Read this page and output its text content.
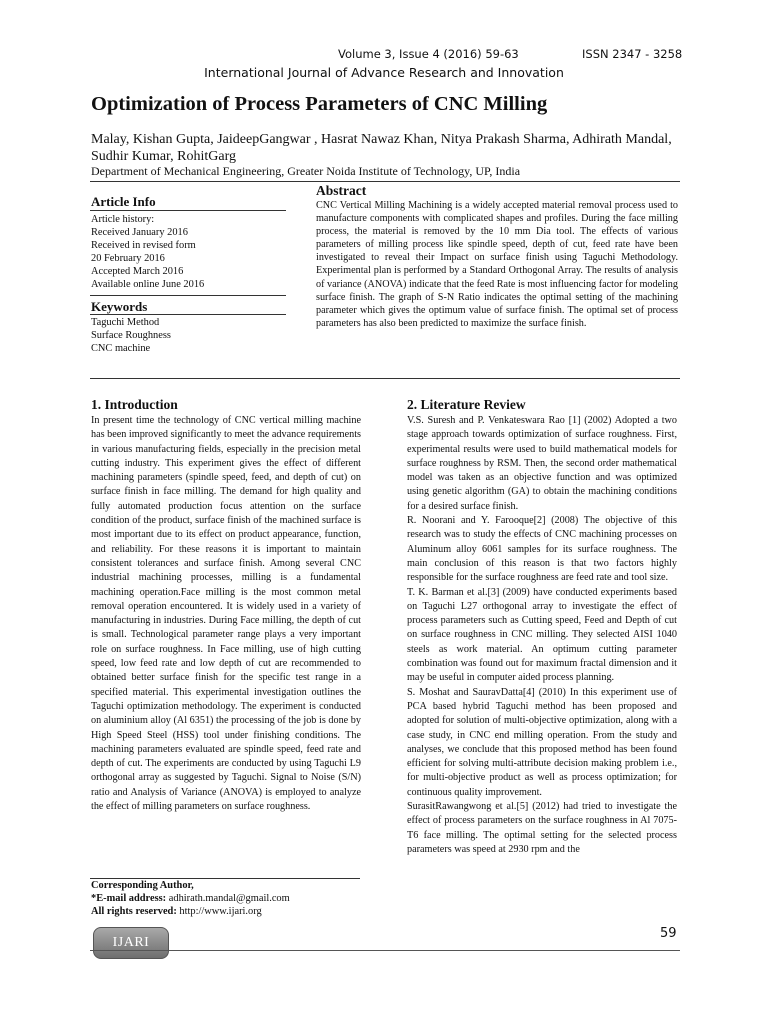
Volume 3, Issue 4 (2016) 59-63	ISSN 2347 - 3258
International Journal of Advance Research and Innovation
Optimization of Process Parameters of CNC Milling
Malay, Kishan Gupta, JaideepGangwar , Hasrat Nawaz Khan, Nitya Prakash Sharma, Adhirath Mandal, Sudhir Kumar, RohitGarg
Department of Mechanical Engineering, Greater Noida Institute of Technology, UP, India
Article Info
Article history:
Received January 2016
Received in revised form
20 February 2016
Accepted March 2016
Available online June 2016
Keywords
Taguchi Method
Surface Roughness
CNC machine
Abstract
CNC Vertical Milling Machining is a widely accepted material removal process used to manufacture components with complicated shapes and profiles. During the face milling process, the material is removed by the 10 mm Dia tool. The effects of various parameters of milling process like spindle speed, depth of cut, feed rate have been investigated to reveal their Impact on surface finish using Taguchi Methodology. Experimental plan is performed by a Standard Orthogonal Array. The results of analysis of variance (ANOVA) indicate that the feed Rate is most influencing factor for modeling surface finish. The graph of S-N Ratio indicates the optimal setting of the machining parameter which gives the optimum value of surface finish. The optimal set of process parameters has also been predicted to maximize the surface finish.
1. Introduction
In present time the technology of CNC vertical milling machine has been improved significantly to meet the advance requirements in various manufacturing fields, especially in the precision metal cutting industry. This experiment gives the effect of different machining parameters (spindle speed, feed, and depth of cut) on surface finish in face milling. The demand for high quality and fully automated production focus attention on the surface condition of the product, surface finish of the machined surface is most important due to its effect on product appearance, function, and reliability. For these reasons it is important to maintain consistent tolerances and surface finish. Among several CNC industrial machining processes, milling is a fundamental machining operation.Face milling is the most common metal removal operation encountered. It is widely used in a variety of manufacturing in industries. During Face milling, the depth of cut is small. Technological parameter range plays a very important role on surface roughness. In Face milling, use of high cutting speed, low feed rate and low depth of cut are recommended to obtained better surface finish for the specific test range in a specified material. This experimental investigation outlines the Taguchi optimization methodology. The experiment is conducted on aluminium alloy (Al 6351) the processing of the job is done by High Speed Steel (HSS) tool under finishing conditions. The machining parameters evaluated are spindle speed, feed rate and depth of cut. The experiments are conducted by using Taguchi L9 orthogonal array as suggested by Taguchi. Signal to Noise (S/N) ratio and Analysis of Variance (ANOVA) is employed to analyze the effect of milling parameters on surface roughness.
2. Literature Review

V.S. Suresh and P. Venkateswara Rao [1] (2002) Adopted a two stage approach towards optimization of surface roughness. First, experimental results were used to build mathematical models for surface roughness by RSM. Then, the second order mathematical model was taken as an objective function and was optimized using genetic algorithm (GA) to obtain the machining conditions for a desired surface finish.

R. Noorani and Y. Farooque[2] (2008) The objective of this research was to study the effects of CNC machining processes on Aluminum alloy 6061 samples for its surface roughness. The main conclusion of this reason is that two factors highly responsible for the surface roughness are feed rate and tool size.

T. K. Barman et al.[3] (2009) have conducted experiments based on Taguchi L27 orthogonal array to investigate the effect of process parameters such as Cutting speed, Feed and Depth of cut on surface roughness in CNC milling. They selected AISI 1040 steels as work material. An optimum cutting parameter combination was found out for maximum fractal dimension and it may be useful in computer aided process planning.

S. Moshat and SauravDatta[4] (2010) In this experiment use of PCA based hybrid Taguchi method has been proposed and adopted for solution of multi-objective optimization, along with a case study, in CNC end milling operation. From the study and analyses, we conclude that this proposed method has been found efficient for solving multi-attribute decision making problem i.e., for multi-objective product as well as process optimization; for continuous quality improvement.

SurasitRawangwong et al.[5] (2012) had tried to investigate the effect of process parameters on the surface roughness in Al 7075-T6 face milling. The optimal setting for the selected process parameters was speed at 2930 rpm and the

Corresponding Author,
*E-mail address: adhirath.mandal@gmail.com
All rights reserved: http://www.ijari.org
IJARI
59
